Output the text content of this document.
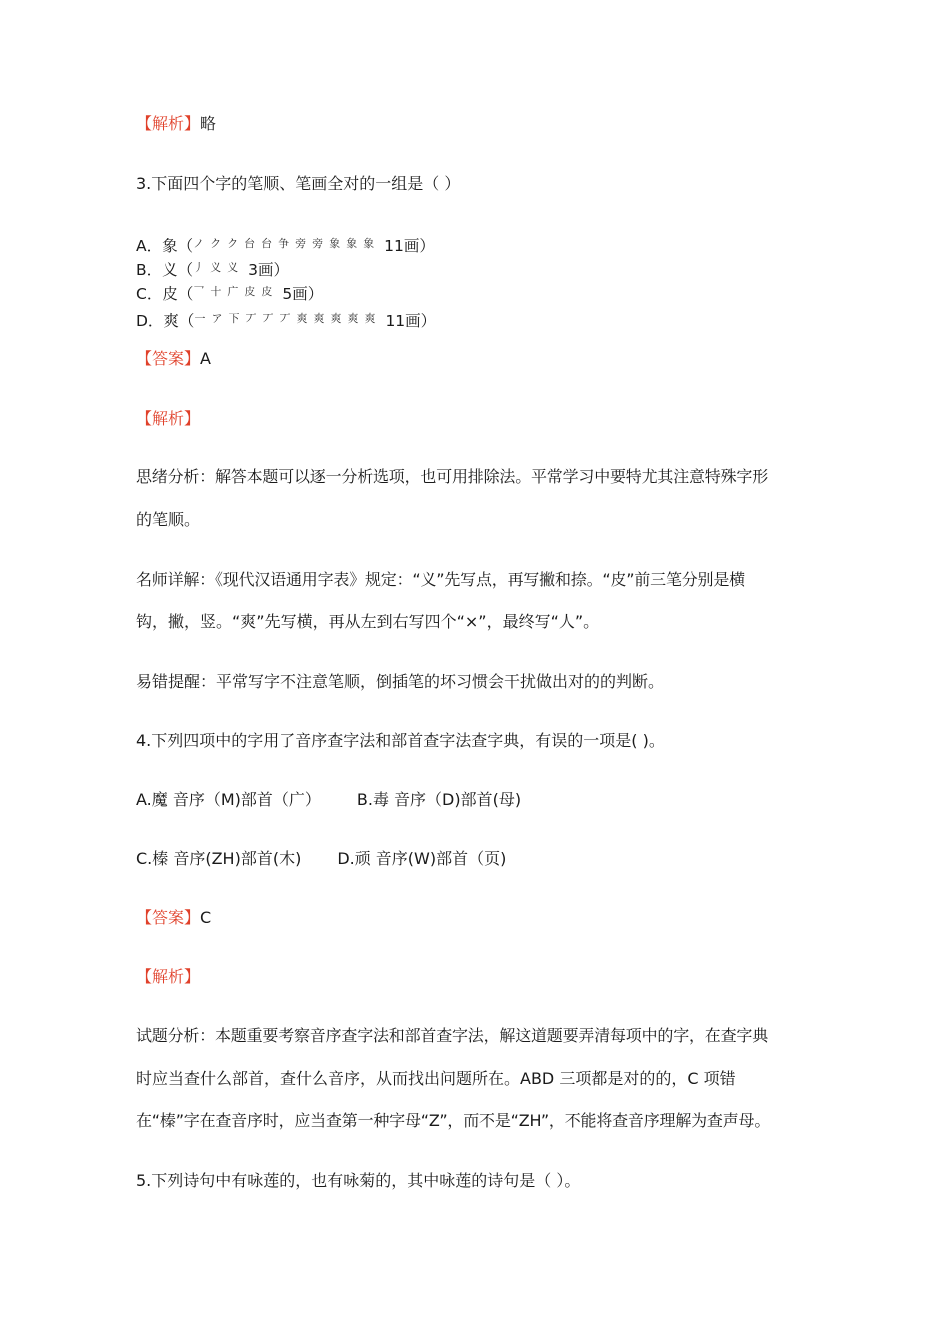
【解析】略
3.下面四个字的笔顺、笔画全对的一组是（ ）
A．象（ノ ク ク 台 台 争 旁 旁 象 象 象 11画）
B．义（丿 义 义 3画）
C．皮（乛 十 广 皮 皮 5画）
D．爽（一 ア 下 丆 丆 丆 爽 爽 爽 爽 爽 11画）
【答案】A
【解析】
思绪分析：解答本题可以逐一分析选项，也可用排除法。平常学习中要特尤其注意特殊字形
的笔顺。
名师详解：《现代汉语通用字表》规定：“义”先写点，再写撇和捺。“皮”前三笔分别是横
钩，撇，竖。“爽”先写横，再从左到右写四个“×”，最终写“人”。
易错提醒：平常写字不注意笔顺，倒插笔的坏习惯会干扰做出对的的判断。
4.下列四项中的字用了音序查字法和部首查字法查字典，有误的一项是( )。
A.魔 音序（M)部首（广） B.毒 音序（D)部首(母)
C.榛 音序(ZH)部首(木) D.顽 音序(W)部首（页)
【答案】C
【解析】
试题分析：本题重要考察音序查字法和部首查字法，解这道题要弄清每项中的字，在查字典
时应当查什么部首，查什么音序，从而找出问题所在。ABD 三项都是对的的，C 项错
在“榛”字在查音序时，应当查第一种字母“Z”，而不是“ZH”，不能将查音序理解为查声母。
5.下列诗句中有咏莲的，也有咏菊的，其中咏莲的诗句是（ ）。
